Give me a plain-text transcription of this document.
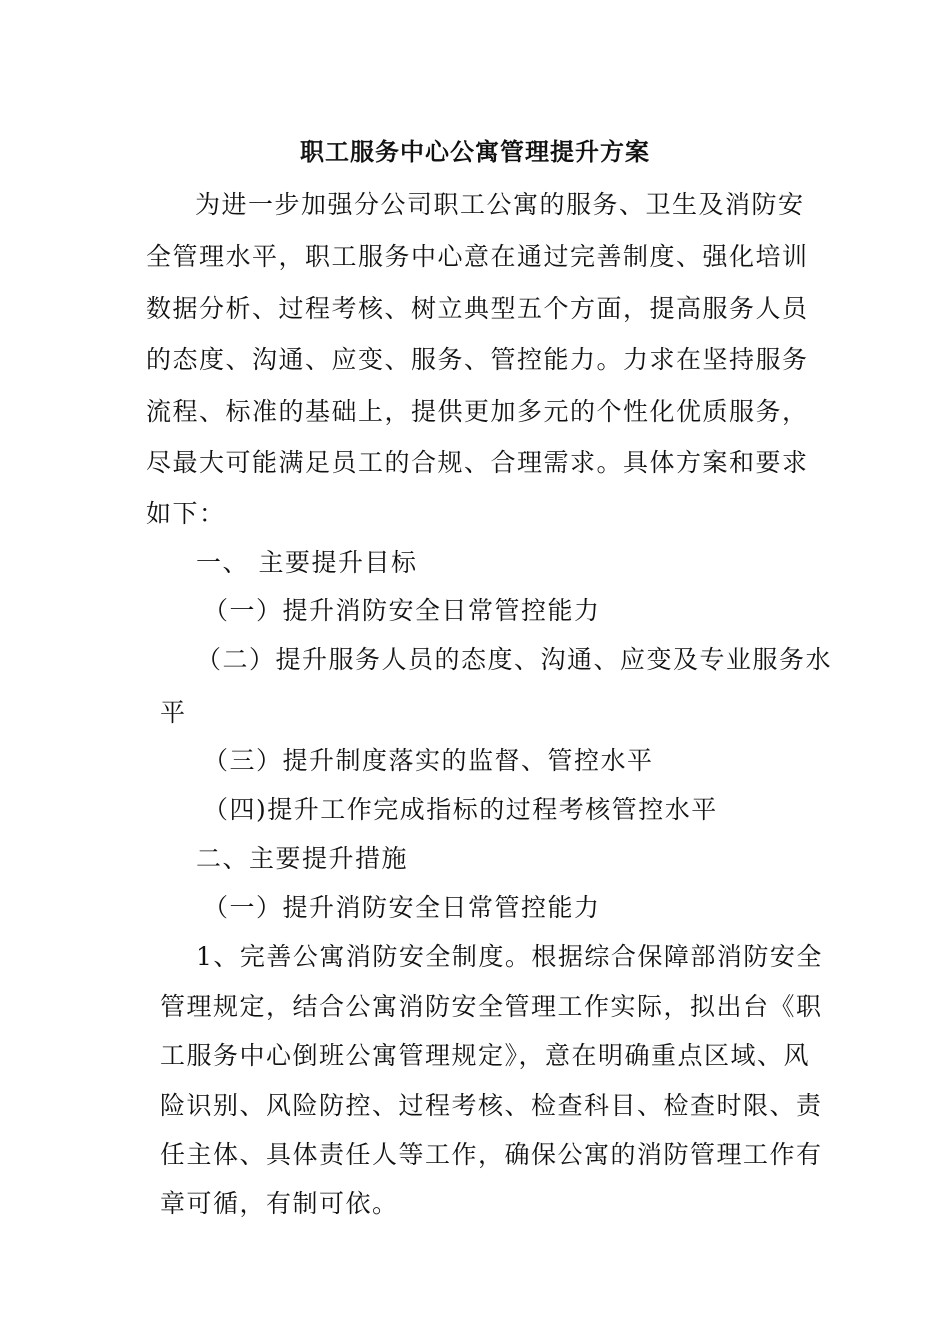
职工服务中心公寓管理提升方案
为进一步加强分公司职工公寓的服务、卫生及消防安
全管理水平，职工服务中心意在通过完善制度、强化培训
数据分析、过程考核、树立典型五个方面，提高服务人员
的态度、沟通、应变、服务、管控能力。力求在坚持服务
流程、标准的基础上，提供更加多元的个性化优质服务，
尽最大可能满足员工的合规、合理需求。具体方案和要求
如下：
一、 主要提升目标
（一）提升消防安全日常管控能力
（二）提升服务人员的态度、沟通、应变及专业服务水
平
（三）提升制度落实的监督、管控水平
（四)提升工作完成指标的过程考核管控水平
二、主要提升措施
（一）提升消防安全日常管控能力
1、完善公寓消防安全制度。根据综合保障部消防安全
管理规定，结合公寓消防安全管理工作实际，拟出台《职
工服务中心倒班公寓管理规定》，意在明确重点区域、风
险识别、风险防控、过程考核、检查科目、检查时限、责
任主体、具体责任人等工作，确保公寓的消防管理工作有
章可循，有制可依。
